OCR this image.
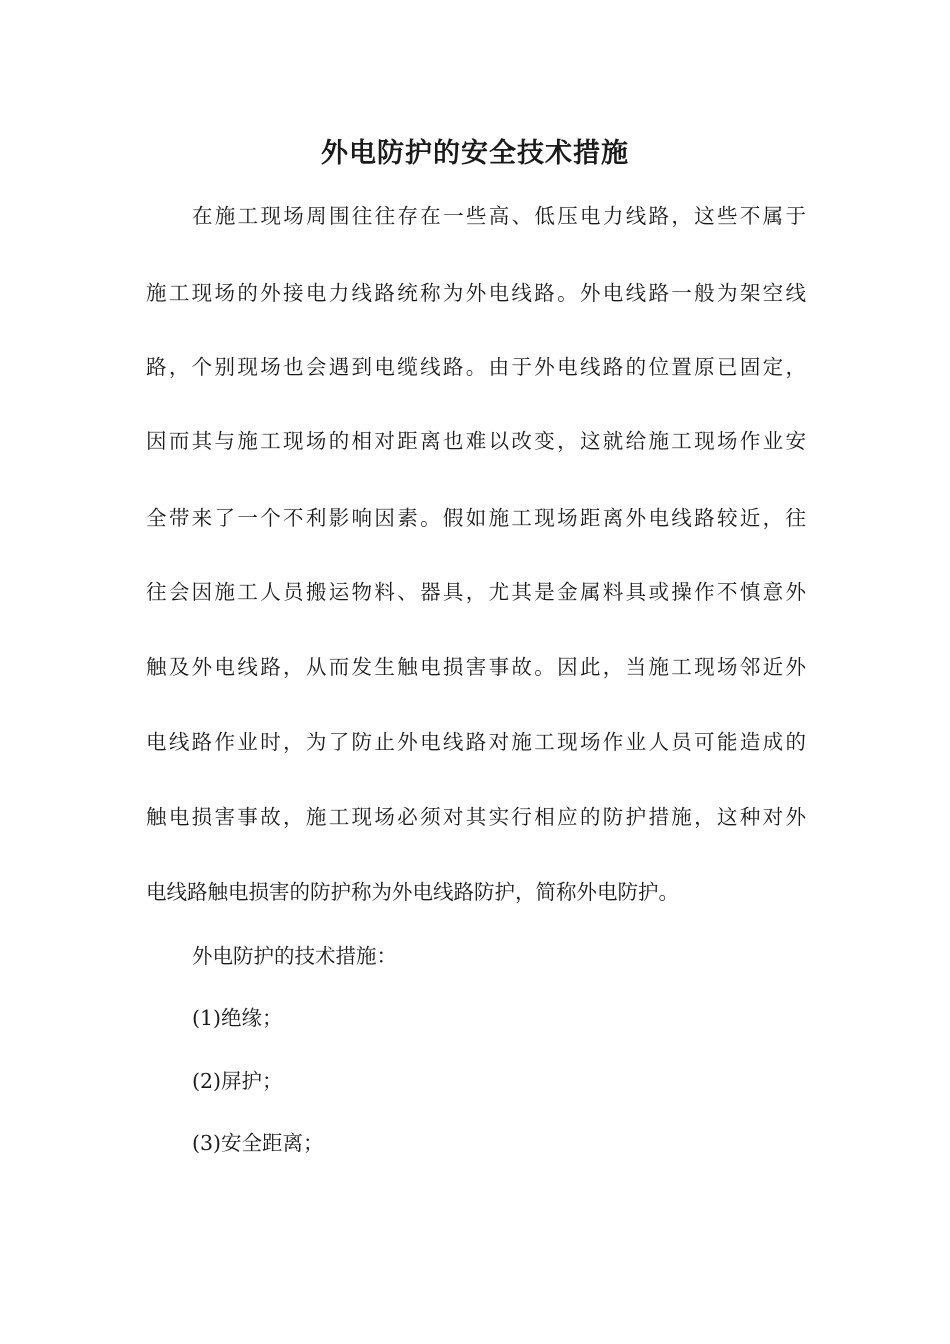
外电防护的安全技术措施
在施工现场周围往往存在一些高、低压电力线路，这些不属于
施工现场的外接电力线路统称为外电线路。外电线路一般为架空线
路，个别现场也会遇到电缆线路。由于外电线路的位置原已固定，
因而其与施工现场的相对距离也难以改变，这就给施工现场作业安
全带来了一个不利影响因素。假如施工现场距离外电线路较近，往
往会因施工人员搬运物料、器具，尤其是金属料具或操作不慎意外
触及外电线路，从而发生触电损害事故。因此，当施工现场邻近外
电线路作业时，为了防止外电线路对施工现场作业人员可能造成的
触电损害事故，施工现场必须对其实行相应的防护措施，这种对外
电线路触电损害的防护称为外电线路防护，简称外电防护。
外电防护的技术措施：
(1)绝缘；
(2)屏护；
(3)安全距离；
